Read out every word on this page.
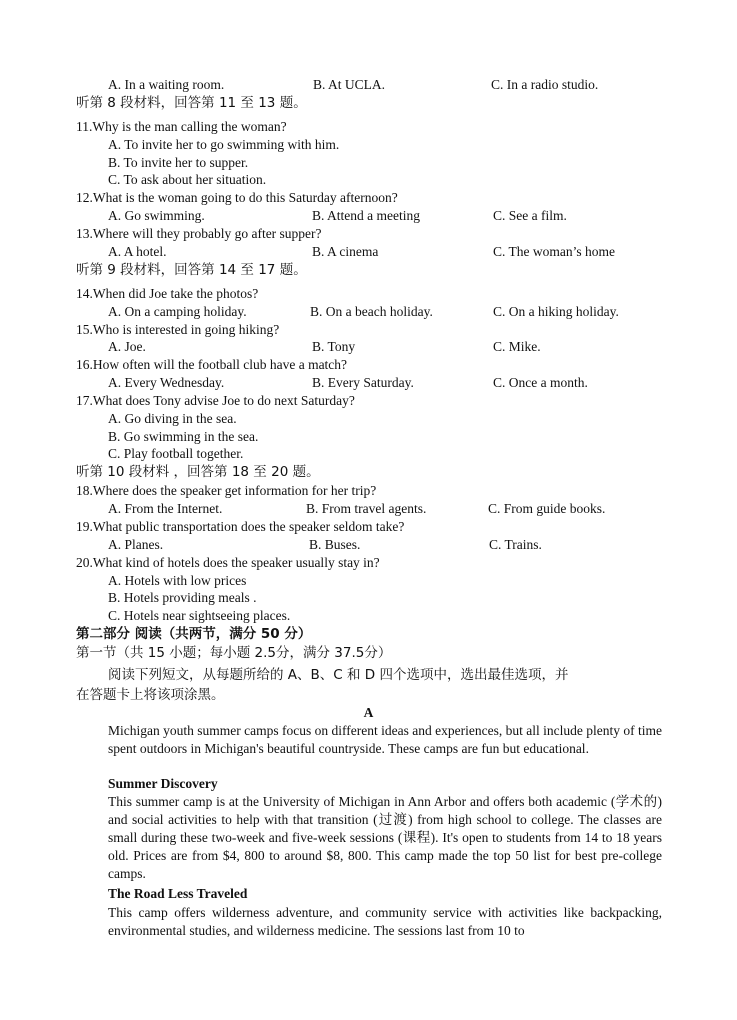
A. In a waiting room.	B. At UCLA.	C. In a radio studio.
听第 8 段材料，回答第 11 至 13 题。
11.Why is the man calling the woman?
A. To invite her to go swimming with him.
B. To invite her to supper.
C. To ask about her situation.
12.What is the woman going to do this Saturday afternoon?
A. Go swimming.	B. Attend a meeting	C. See a film.
13.Where will they probably go after supper?
A. A hotel.	B. A cinema	C. The woman’s home
听第 9 段材料，回答第 14 至 17 题。
14.When did Joe take the photos?
A. On a camping holiday.	B. On a beach holiday.	C. On a hiking holiday.
15.Who is interested in going hiking?
A. Joe.	B. Tony	C. Mike.
16.How often will the football club have a match?
A. Every Wednesday.	B. Every Saturday.	C. Once a month.
17.What does Tony advise Joe to do next Saturday?
A. Go diving in the sea.
B. Go swimming in the sea.
C. Play football together.
听第 10 段材料 ，回答第 18 至 20 题。
18.Where does the speaker get information for her trip?
A. From the Internet.	B. From travel agents.	C. From guide books.
19.What public transportation does the speaker seldom take?
A. Planes.	B. Buses.	C. Trains.
20.What kind of hotels does the speaker usually stay in?
A. Hotels with low prices
B. Hotels providing meals .
C. Hotels near sightseeing places.
第二部分 阅读（共两节，满分 50 分）
第一节（共 15 小题；每小题 2.5分，满分 37.5分）
阅读下列短文，从每题所给的 A、B、C 和 D 四个选项中，选出最佳选项，并
在答题卡上将该项涂黑。
A
Michigan youth summer camps focus on different ideas and experiences, but all include plenty of time spent outdoors in Michigan's beautiful countryside. These camps are fun but educational.
Summer Discovery
This summer camp is at the University of Michigan in Ann Arbor and offers both academic (学术的) and social activities to help with that transition (过渡) from high school to college. The classes are small during these two-week and five-week sessions (课程). It's open to students from 14 to 18 years old. Prices are from $4, 800 to around $8, 800. This camp made the top 50 list for best pre-college camps.
The Road Less Traveled
This camp offers wilderness adventure, and community service with activities like backpacking, environmental studies, and wilderness medicine. The sessions last from 10 to
